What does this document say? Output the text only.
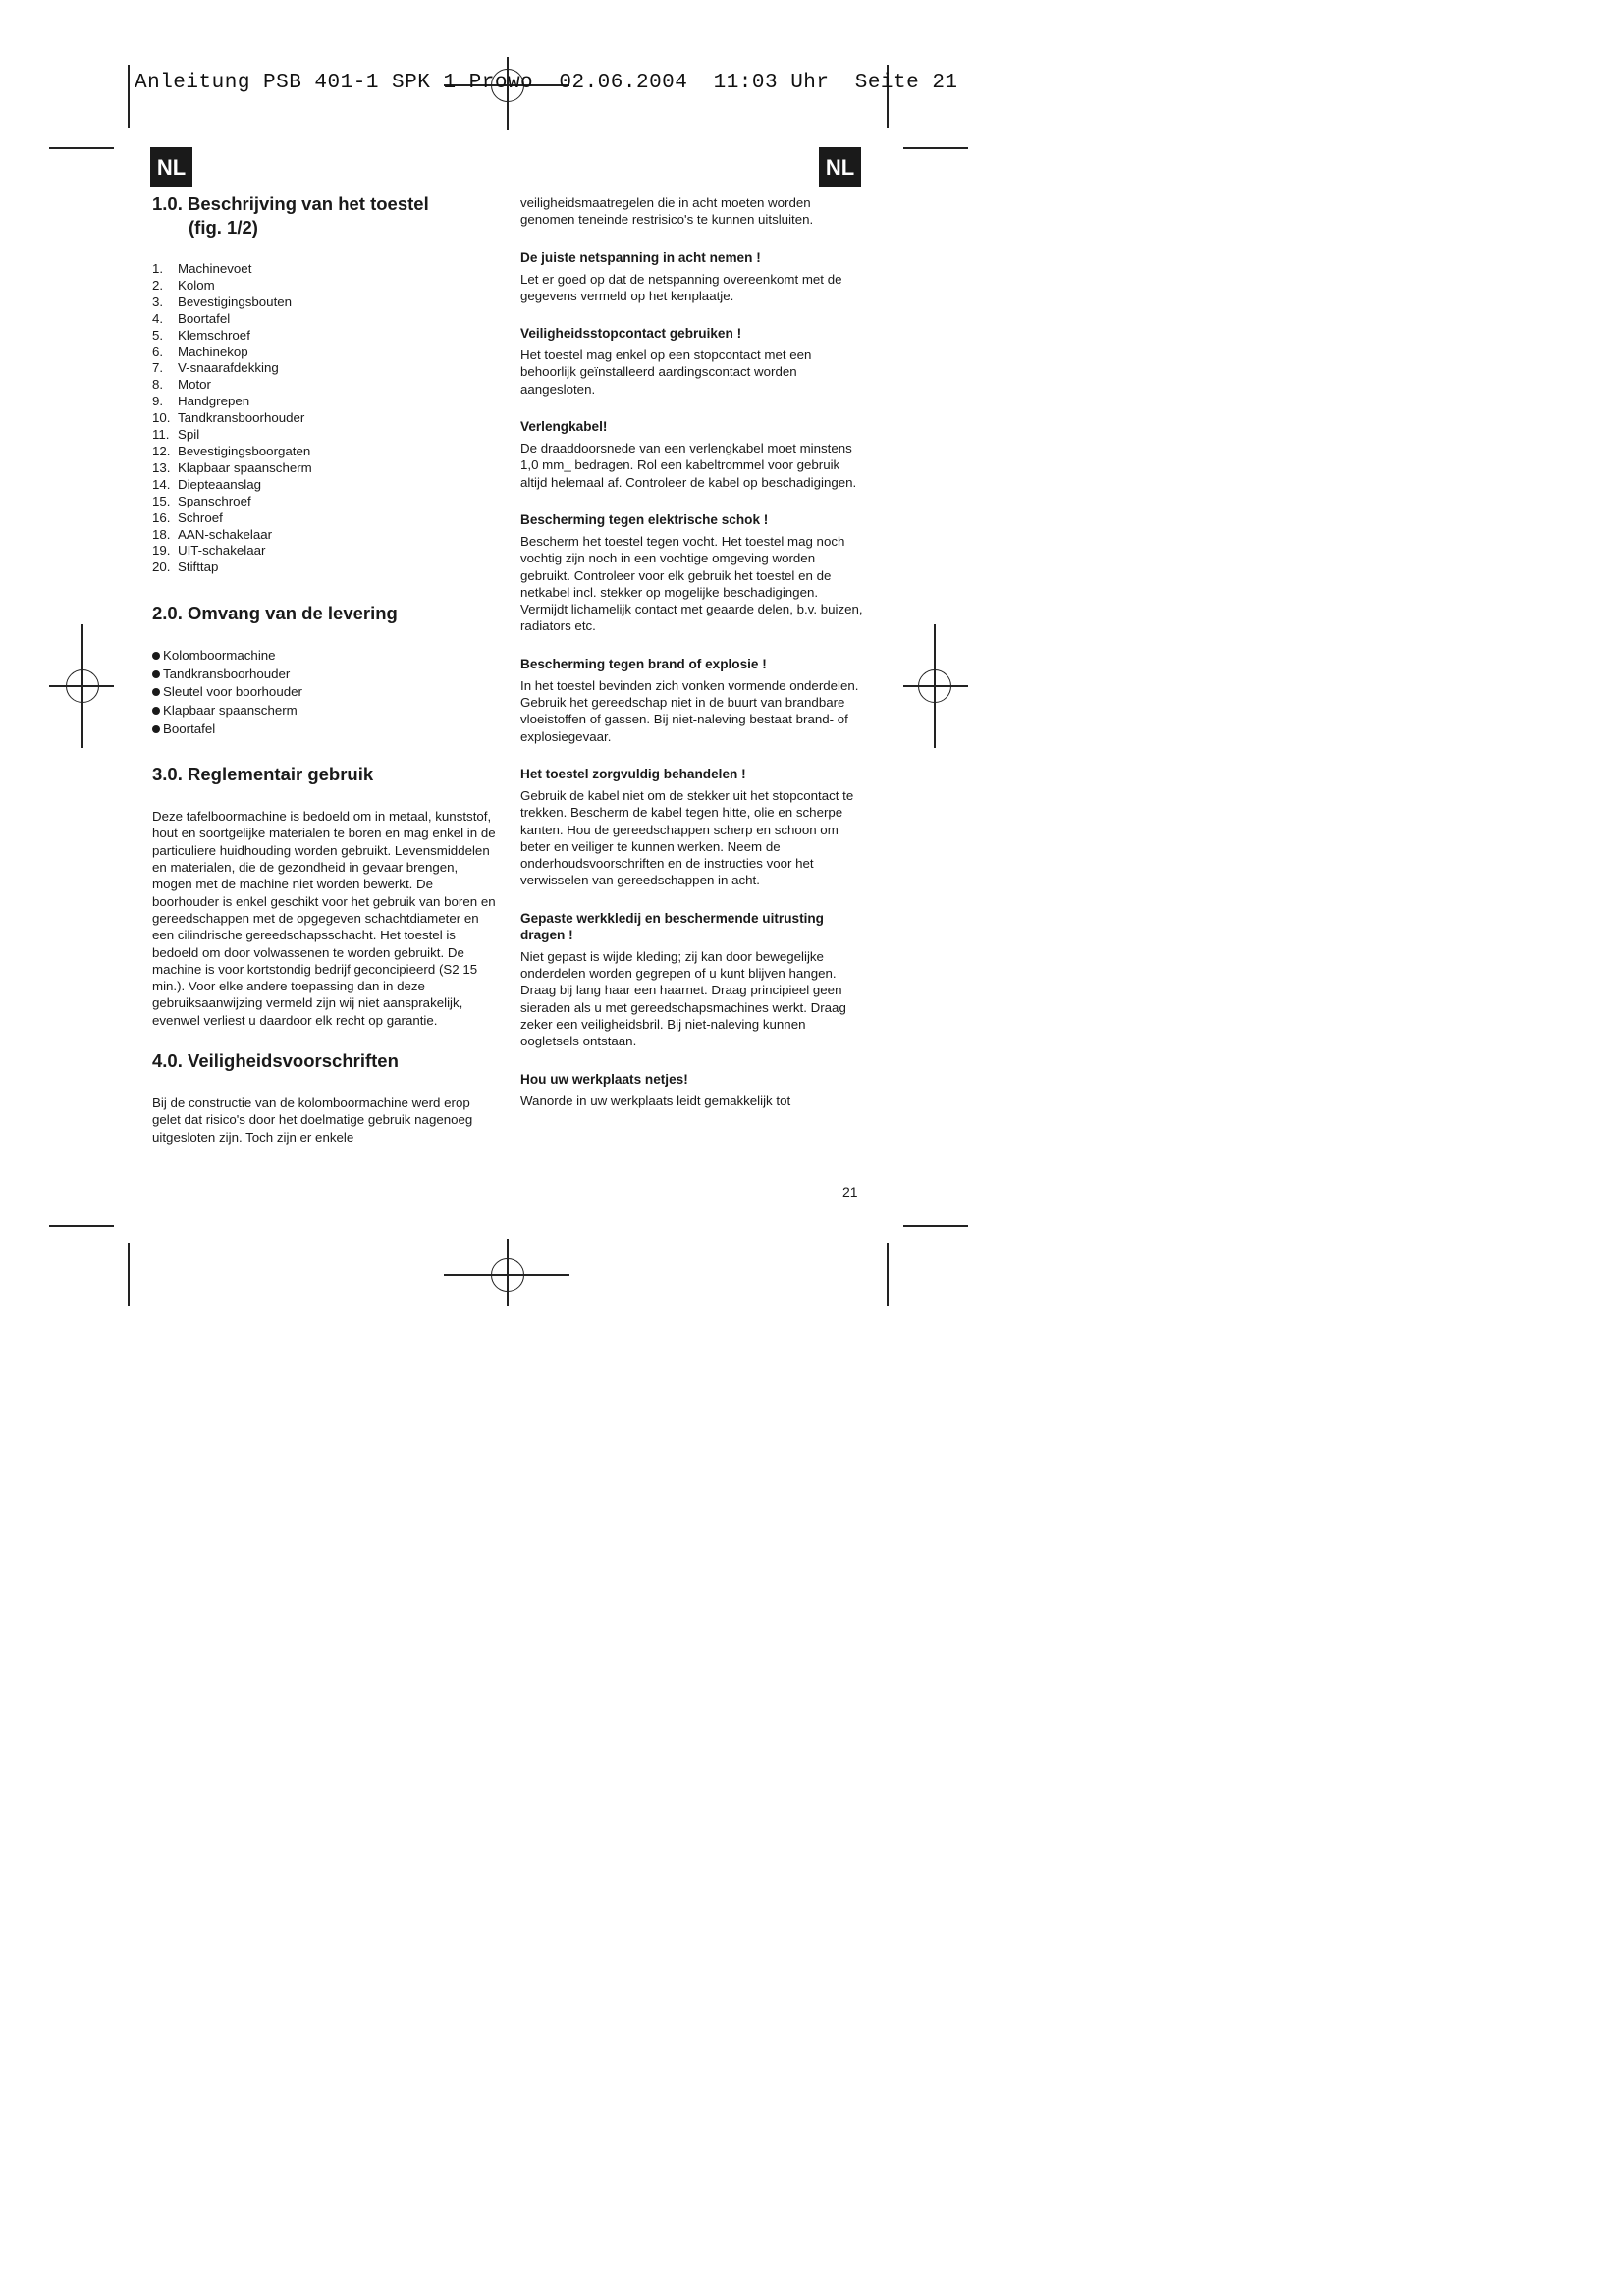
Anleitung PSB 401-1 SPK 1 Prowo  02.06.2004  11:03 Uhr  Seite 21
NL	NL
1.0. Beschrijving van het toestel
(fig. 1/2)
1.	Machinevoet
2.	Kolom
3.	Bevestigingsbouten
4.	Boortafel
5.	Klemschroef
6.	Machinekop
7.	V-snaarafdekking
8.	Motor
9.	Handgrepen
10. Tandkransboorhouder
11. Spil
12. Bevestigingsboorgaten
13. Klapbaar spaanscherm
14. Diepteaanslag
15. Spanschroef
16. Schroef
18. AAN-schakelaar
19. UIT-schakelaar
20. Stifttap
2.0. Omvang van de levering
Kolomboormachine
Tandkransboorhouder
Sleutel voor boorhouder
Klapbaar spaanscherm
Boortafel
3.0. Reglementair gebruik

Deze tafelboormachine is bedoeld om in metaal, kunststof, hout en soortgelijke materialen te boren en mag enkel in de particuliere huidhouding worden gebruikt. Levensmiddelen en materialen, die de gezondheid in gevaar brengen, mogen met de machine niet worden bewerkt. De boorhouder is enkel geschikt voor het gebruik van boren en gereedschappen met de opgegeven schachtdiameter en een cilindrische gereedschapsschacht. Het toestel is bedoeld om door volwassenen te worden gebruikt. De machine is voor kortstondig bedrijf geconcipieerd (S2 15 min.). Voor elke andere toepassing dan in deze gebruiksaanwijzing vermeld zijn wij niet aansprakelijk, evenwel verliest u daardoor elk recht op garantie.

4.0. Veiligheidsvoorschriften

Bij de constructie van de kolomboormachine werd erop gelet dat risico's door het doelmatige gebruik nagenoeg uitgesloten zijn. Toch zijn er enkele

veiligheidsmaatregelen die in acht moeten worden genomen teneinde restrisico's te kunnen uitsluiten.

De juiste netspanning in acht nemen !

Let er goed op dat de netspanning overeenkomt met de gegevens vermeld op het kenplaatje.

Veiligheidsstopcontact gebruiken !

Het toestel mag enkel op een stopcontact met een behoorlijk geïnstalleerd aardingscontact worden aangesloten.

Verlengkabel!

De draaddoorsnede van een verlengkabel moet minstens 1,0 mm_ bedragen. Rol een kabeltrommel voor gebruik altijd helemaal af. Controleer de kabel op beschadigingen.

Bescherming tegen elektrische schok !

Bescherm het toestel tegen vocht. Het toestel mag noch vochtig zijn noch in een vochtige omgeving worden gebruikt. Controleer voor elk gebruik het toestel en de netkabel incl. stekker op mogelijke beschadigingen. Vermijdt lichamelijk contact met geaarde delen, b.v. buizen, radiators etc.

Bescherming tegen brand of explosie !

In het toestel bevinden zich vonken vormende onderdelen. Gebruik het gereedschap niet in de buurt van brandbare vloeistoffen of gassen. Bij niet-naleving bestaat brand- of explosiegevaar.

Het toestel zorgvuldig behandelen !

Gebruik de kabel niet om de stekker uit het stopcontact te trekken. Bescherm de kabel tegen hitte, olie en scherpe kanten. Hou de gereedschappen scherp en schoon om beter en veiliger te kunnen werken. Neem de onderhoudsvoorschriften en de instructies voor het verwisselen van gereedschappen in acht.

Gepaste werkkledij en beschermende uitrusting dragen !

Niet gepast is wijde kleding; zij kan door bewegelijke onderdelen worden gegrepen of u kunt blijven hangen. Draag bij lang haar een haarnet. Draag principieel geen sieraden als u met gereedschapsmachines werkt. Draag zeker een veiligheidsbril. Bij niet-naleving kunnen oogletsels ontstaan.

Hou uw werkplaats netjes!

Wanorde in uw werkplaats leidt gemakkelijk tot

21
